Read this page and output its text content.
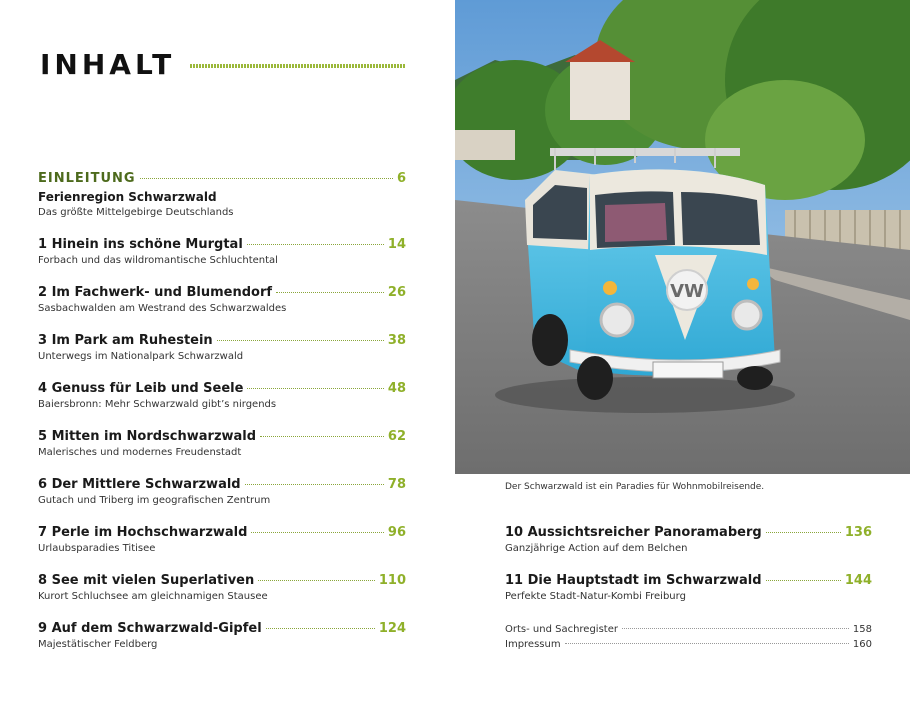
INHALT
EINLEITUNG	6
Ferienregion Schwarzwald
Das größte Mittelgebirge Deutschlands
1 Hinein ins schöne Murgtal	14
Forbach und das wildromantische Schluchtental
2 Im Fachwerk- und Blumendorf	26
Sasbachwalden am Westrand des Schwarzwaldes
3 Im Park am Ruhestein	38
Unterwegs im Nationalpark Schwarzwald
4 Genuss für Leib und Seele	48
Baiersbronn: Mehr Schwarzwald gibt’s nirgends
5 Mitten im Nordschwarzwald	62
Malerisches und modernes Freudenstadt
6 Der Mittlere Schwarzwald	78
Gutach und Triberg im geografischen Zentrum
7 Perle im Hochschwarzwald	96
Urlaubsparadies Titisee
8 See mit vielen Superlativen	110
Kurort Schluchsee am gleichnamigen Stausee
9 Auf dem Schwarzwald-Gipfel	124
Majestätischer Feldberg
VW
Der Schwarzwald ist ein Paradies für Wohnmobilreisende.
10 Aussichtsreicher Panoramaberg	136
Ganzjährige Action auf dem Belchen
11 Die Hauptstadt im Schwarzwald	144
Perfekte Stadt-Natur-Kombi Freiburg
Orts- und Sachregister	158
Impressum	160
